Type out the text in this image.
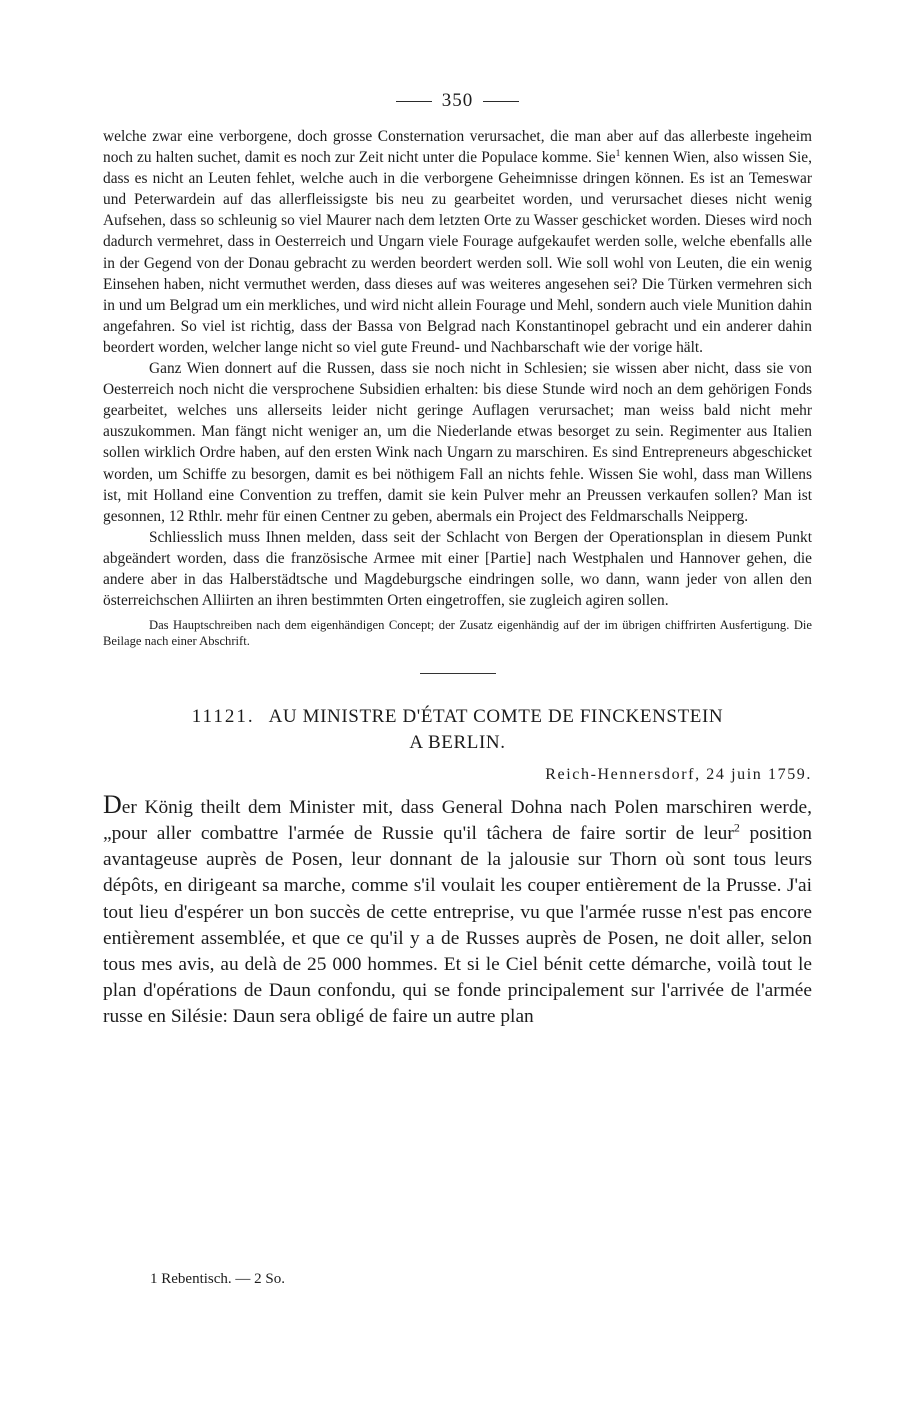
350

welche zwar eine verborgene, doch grosse Consternation verursachet, die man aber auf das allerbeste ingeheim noch zu halten suchet, damit es noch zur Zeit nicht unter die Populace komme. Sie$^1$ kennen Wien, also wissen Sie, dass es nicht an Leuten fehlet, welche auch in die verborgene Geheimnisse dringen können. Es ist an Temeswar und Peterwardein auf das allerfleissigste bis neu zu gearbeitet worden, und verursachet dieses nicht wenig Aufsehen, dass so schleunig so viel Maurer nach dem letzten Orte zu Wasser geschicket worden. Dieses wird noch dadurch vermehret, dass in Oesterreich und Ungarn viele Fourage aufgekaufet werden solle, welche ebenfalls alle in der Gegend von der Donau gebracht zu werden beordert werden soll. Wie soll wohl von Leuten, die ein wenig Einsehen haben, nicht vermuthet werden, dass dieses auf was weiteres angesehen sei? Die Türken vermehren sich in und um Belgrad um ein merkliches, und wird nicht allein Fourage und Mehl, sondern auch viele Munition dahin angefahren. So viel ist richtig, dass der Bassa von Belgrad nach Konstantinopel gebracht und ein anderer dahin beordert worden, welcher lange nicht so viel gute Freund- und Nachbarschaft wie der vorige hält.

Ganz Wien donnert auf die Russen, dass sie noch nicht in Schlesien; sie wissen aber nicht, dass sie von Oesterreich noch nicht die versprochene Subsidien erhalten: bis diese Stunde wird noch an dem gehörigen Fonds gearbeitet, welches uns allerseits leider nicht geringe Auflagen verursachet; man weiss bald nicht mehr auszukommen. Man fängt nicht weniger an, um die Niederlande etwas besorget zu sein. Regimenter aus Italien sollen wirklich Ordre haben, auf den ersten Wink nach Ungarn zu marschiren. Es sind Entrepreneurs abgeschicket worden, um Schiffe zu besorgen, damit es bei nöthigem Fall an nichts fehle. Wissen Sie wohl, dass man Willens ist, mit Holland eine Convention zu treffen, damit sie kein Pulver mehr an Preussen verkaufen sollen? Man ist gesonnen, 12 Rthlr. mehr für einen Centner zu geben, abermals ein Project des Feldmarschalls Neipperg.

Schliesslich muss Ihnen melden, dass seit der Schlacht von Bergen der Operationsplan in diesem Punkt abgeändert worden, dass die französische Armee mit einer [Partie] nach Westphalen und Hannover gehen, die andere aber in das Halberstädtsche und Magdeburgsche eindringen solle, wo dann, wann jeder von allen den österreichschen Alliirten an ihren bestimmten Orten eingetroffen, sie zugleich agiren sollen.

Das Hauptschreiben nach dem eigenhändigen Concept; der Zusatz eigenhändig auf der im übrigen chiffrirten Ausfertigung. Die Beilage nach einer Abschrift.

11121. AU MINISTRE D'ÉTAT COMTE DE FINCKENSTEIN
A BERLIN.
Reich-Hennersdorf, 24 juin 1759.

Der König theilt dem Minister mit, dass General Dohna nach Polen marschiren werde, „pour aller combattre l'armée de Russie qu'il tâchera de faire sortir de leur$^2$ position avantageuse auprès de Posen, leur donnant de la jalousie sur Thorn où sont tous leurs dépôts, en dirigeant sa marche, comme s'il voulait les couper entièrement de la Prusse. J'ai tout lieu d'espérer un bon succès de cette entreprise, vu que l'armée russe n'est pas encore entièrement assemblée, et que ce qu'il y a de Russes auprès de Posen, ne doit aller, selon tous mes avis, au delà de 25 000 hommes. Et si le Ciel bénit cette démarche, voilà tout le plan d'opérations de Daun confondu, qui se fonde principalement sur l'arrivée de l'armée russe en Silésie: Daun sera obligé de faire un autre plan

1 Rebentisch. — 2 So.
